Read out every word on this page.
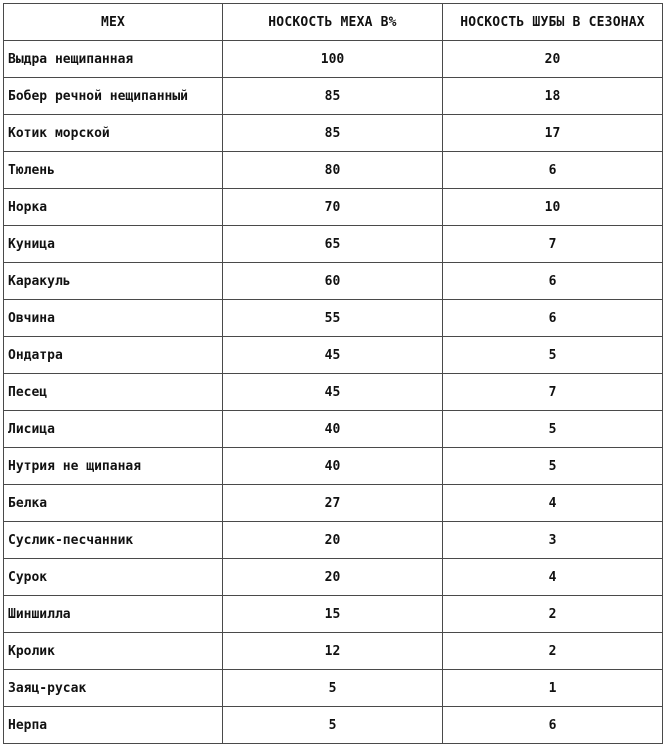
МЕХ	НОСКОСТЬ МЕХА В%	НОСКОСТЬ ШУБЫ В СЕЗОНАХ
Выдра нещипанная	100	20
Бобер речной нещипанный	85	18
Котик морской	85	17
Тюлень	80	6
Норка	70	10
Куница	65	7
Каракуль	60	6
Овчина	55	6
Ондатра	45	5
Песец	45	7
Лисица	40	5
Нутрия не щипаная	40	5
Белка	27	4
Суслик-песчанник	20	3
Сурок	20	4
Шиншилла	15	2
Кролик	12	2
Заяц-русак	5	1
Нерпа	5	6
